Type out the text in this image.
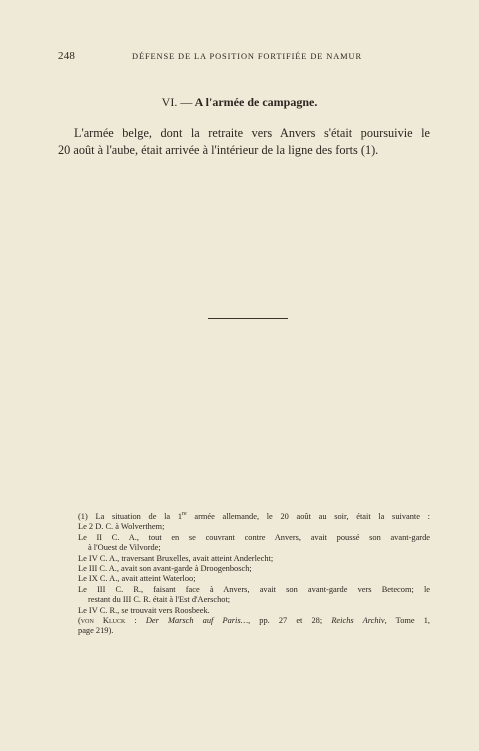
248	DÉFENSE DE LA POSITION FORTIFIÉE DE NAMUR
VI. — A l'armée de campagne.
L'armée belge, dont la retraite vers Anvers s'était poursuivie le
20 août à l'aube, était arrivée à l'intérieur de la ligne des forts (1).
(1) La situation de la 1re armée allemande, le 20 août au soir, était la suivante :
Le 2 D. C. à Wolverthem;
Le II C. A., tout en se couvrant contre Anvers, avait poussé son avant-garde
à l'Ouest de Vilvorde;
Le IV C. A., traversant Bruxelles, avait atteint Anderlecht;
Le III C. A., avait son avant-garde à Droogenbosch;
Le IX C. A., avait atteint Waterloo;
Le III C. R., faisant face à Anvers, avait son avant-garde vers Betecom; le
restant du III C. R. était à l'Est d'Aerschot;
Le IV C. R., se trouvait vers Roosbeek.
(von Kluck : Der Marsch auf Paris…, pp. 27 et 28; Reichs Archiv, Tome 1,
page 219).
